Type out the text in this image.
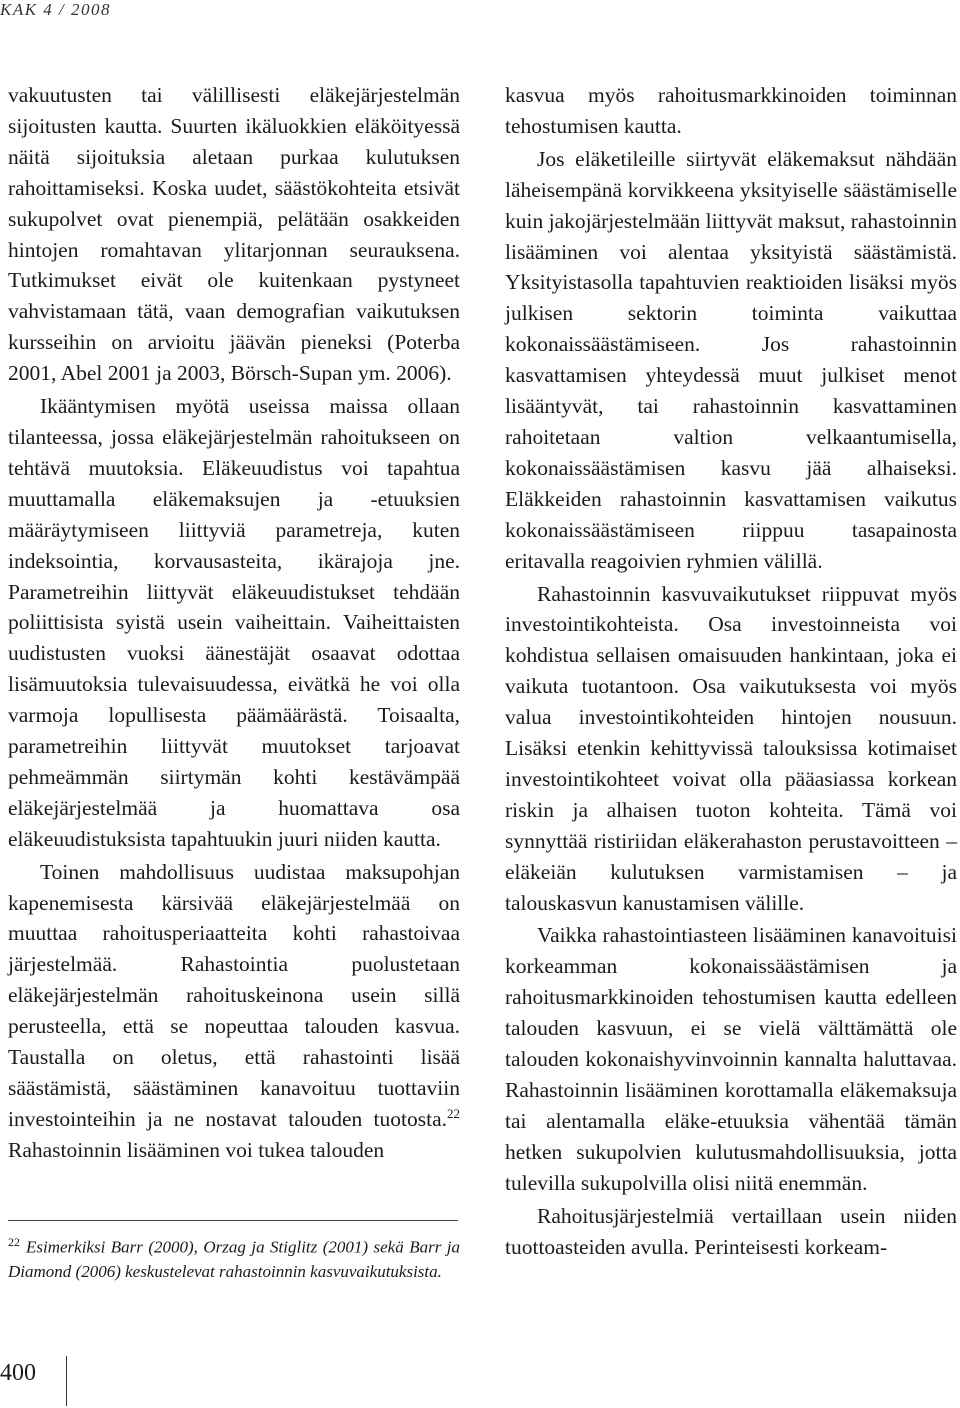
KAK 4 / 2008

vakuutusten tai välillisesti eläkejärjestelmän sijoitusten kautta. Suurten ikäluokkien eläköityessä näitä sijoituksia aletaan purkaa kulutuksen rahoittamiseksi. Koska uudet, säästökohteita etsivät sukupolvet ovat pienempiä, pelätään osakkeiden hintojen romahtavan ylitarjonnan seurauksena. Tutkimukset eivät ole kuitenkaan pystyneet vahvistamaan tätä, vaan demografian vaikutuksen kursseihin on arvioitu jäävän pieneksi (Poterba 2001, Abel 2001 ja 2003, Börsch-Supan ym. 2006).

Ikääntymisen myötä useissa maissa ollaan tilanteessa, jossa eläkejärjestelmän rahoitukseen on tehtävä muutoksia. Eläkeuudistus voi tapahtua muuttamalla eläkemaksujen ja -etuuksien määräytymiseen liittyviä parametreja, kuten indeksointia, korvausasteita, ikärajoja jne. Parametreihin liittyvät eläkeuudistukset tehdään poliittisista syistä usein vaiheittain. Vaiheittaisten uudistusten vuoksi äänestäjät osaavat odottaa lisämuutoksia tulevaisuudessa, eivätkä he voi olla varmoja lopullisesta päämäärästä. Toisaalta, parametreihin liittyvät muutokset tarjoavat pehmeämmän siirtymän kohti kestävämpää eläkejärjestelmää ja huomattava osa eläkeuudistuksista tapahtuukin juuri niiden kautta.

Toinen mahdollisuus uudistaa maksupohjan kapenemisesta kärsivää eläkejärjestelmää on muuttaa rahoitusperiaatteita kohti rahastoivaa järjestelmää. Rahastointia puolustetaan eläkejärjestelmän rahoituskeinona usein sillä perusteella, että se nopeuttaa talouden kasvua. Taustalla on oletus, että rahastointi lisää säästämistä, säästäminen kanavoituu tuottaviin investointeihin ja ne nostavat talouden tuotosta.$^{22}$ Rahastoinnin lisääminen voi tukea talouden

$^{22}$ Esimerkiksi Barr (2000), Orzag ja Stiglitz (2001) sekä Barr ja Diamond (2006) keskustelevat rahastoinnin kasvuvaikutuksista.

kasvua myös rahoitusmarkkinoiden toiminnan tehostumisen kautta.

Jos eläketileille siirtyvät eläkemaksut nähdään läheisempänä korvikkeena yksityiselle säästämiselle kuin jakojärjestelmään liittyvät maksut, rahastoinnin lisääminen voi alentaa yksityistä säästämistä. Yksityistasolla tapahtuvien reaktioiden lisäksi myös julkisen sektorin toiminta vaikuttaa kokonaissäästämiseen. Jos rahastoinnin kasvattamisen yhteydessä muut julkiset menot lisääntyvät, tai rahastoinnin kasvattaminen rahoitetaan valtion velkaantumisella, kokonaissäästämisen kasvu jää alhaiseksi. Eläkkeiden rahastoinnin kasvattamisen vaikutus kokonaissäästämiseen riippuu tasapainosta eritavalla reagoivien ryhmien välillä.

Rahastoinnin kasvuvaikutukset riippuvat myös investointikohteista. Osa investoinneista voi kohdistua sellaisen omaisuuden hankintaan, joka ei vaikuta tuotantoon. Osa vaikutuksesta voi myös valua investointikohteiden hintojen nousuun. Lisäksi etenkin kehittyvissä talouksissa kotimaiset investointikohteet voivat olla pääasiassa korkean riskin ja alhaisen tuoton kohteita. Tämä voi synnyttää ristiriidan eläkerahaston perustavoitteen – eläkeiän kulutuksen varmistamisen – ja talouskasvun kanustamisen välille.

Vaikka rahastointiasteen lisääminen kanavoituisi korkeamman kokonaissäästämisen ja rahoitusmarkkinoiden tehostumisen kautta edelleen talouden kasvuun, ei se vielä välttämättä ole talouden kokonaishyvinvoinnin kannalta haluttavaa. Rahastoinnin lisääminen korottamalla eläkemaksuja tai alentamalla eläke-etuuksia vähentää tämän hetken sukupolvien kulutusmahdollisuuksia, jotta tulevilla sukupolvilla olisi niitä enemmän.

Rahoitusjärjestelmiä vertaillaan usein niiden tuottoasteiden avulla. Perinteisesti korkeam-

400
